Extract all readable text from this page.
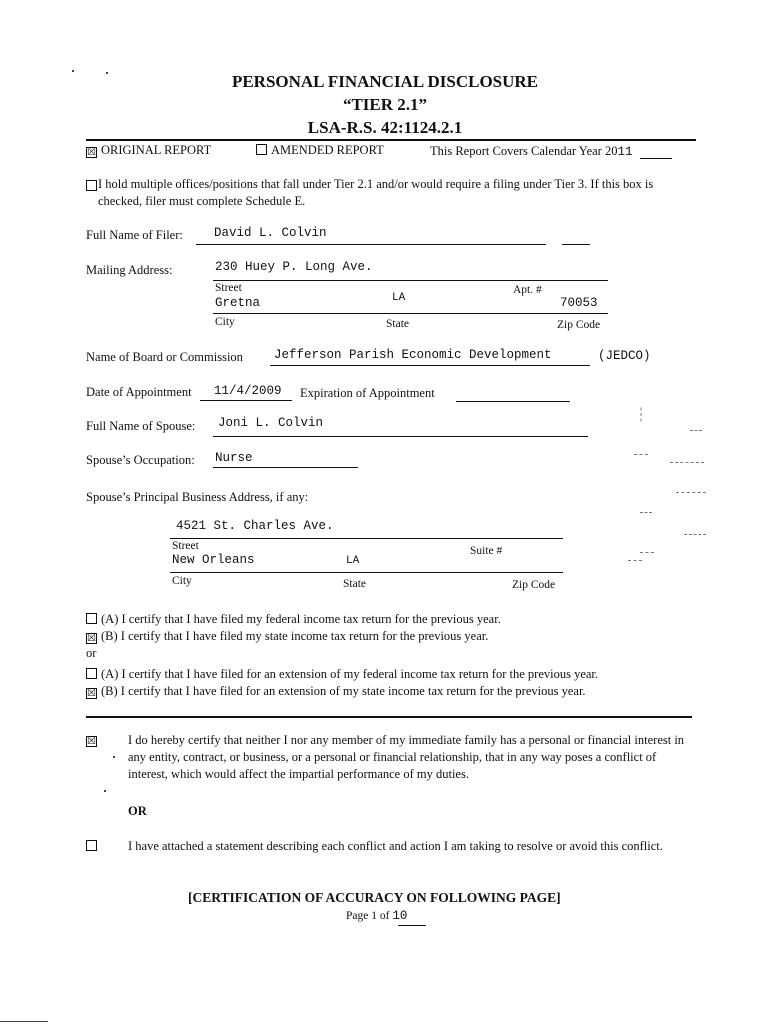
PERSONAL FINANCIAL DISCLOSURE
“TIER 2.1”
LSA-R.S. 42:1124.2.1
☒ ORIGINAL REPORT	AMENDED REPORT	This Report Covers Calendar Year 2011
I hold multiple offices/positions that fall under Tier 2.1 and/or would require a filing under Tier 3. If this box is checked, filer must complete Schedule E.
Full Name of Filer: David L. Colvin
Mailing Address:	230 Huey P. Long Ave.
Street	Apt. #
Gretna	LA	70053
City	State	Zip Code
Name of Board or Commission Jefferson Parish Economic Development	(JEDCO)
Date of Appointment 11/4/2009 Expiration of Appointment
Full Name of Spouse: Joni L. Colvin
Spouse’s Occupation: Nurse
Spouse’s Principal Business Address, if any:
4521 St. Charles Ave.
Street	Suite #
New Orleans	LA
City	State	Zip Code
(A) I certify that I have filed my federal income tax return for the previous year.
☒ (B) I certify that I have filed my state income tax return for the previous year.
or
(A) I certify that I have filed for an extension of my federal income tax return for the previous year.
☒ (B) I certify that I have filed for an extension of my state income tax return for the previous year.
☒	I do hereby certify that neither I nor any member of my immediate family has a personal or financial interest in any entity, contract, or business, or a personal or financial relationship, that in any way poses a conflict of interest, which would affect the impartial performance of my duties.
OR
I have attached a statement describing each conflict and action I am taking to resolve or avoid this conflict.
[CERTIFICATION OF ACCURACY ON FOLLOWING PAGE]
Page 1 of 10
